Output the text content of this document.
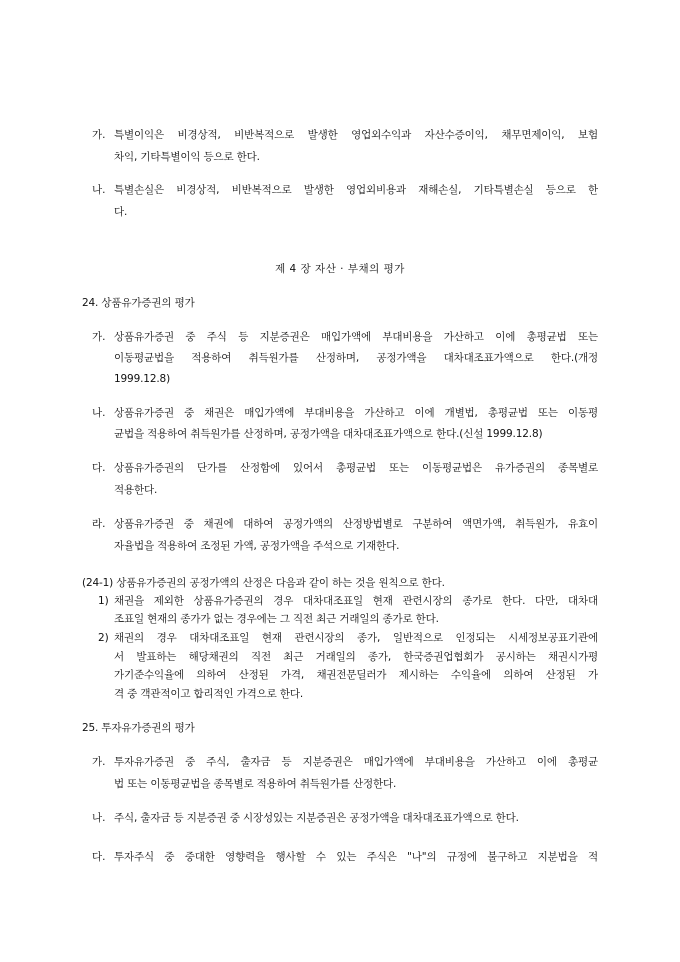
가. 특별이익은 비경상적, 비반복적으로 발생한 영업외수익과 자산수증이익, 채무면제이익, 보험
차익, 기타특별이익 등으로 한다.
나. 특별손실은 비경상적, 비반복적으로 발생한 영업외비용과 재해손실, 기타특별손실 등으로 한
다.
제 4 장 자산 · 부채의 평가
24. 상품유가증권의 평가
가. 상품유가증권 중 주식 등 지분증권은 매입가액에 부대비용을 가산하고 이에 총평균법 또는
이동평균법을 적용하여 취득원가를 산정하며, 공정가액을 대차대조표가액으로 한다.(개정
1999.12.8)
나. 상품유가증권 중 채권은 매입가액에 부대비용을 가산하고 이에 개별법, 총평균법 또는 이동평
균법을 적용하여 취득원가를 산정하며, 공정가액을 대차대조표가액으로 한다.(신설 1999.12.8)
다. 상품유가증권의 단가를 산정함에 있어서 총평균법 또는 이동평균법은 유가증권의 종목별로
적용한다.
라. 상품유가증권 중 채권에 대하여 공정가액의 산정방법별로 구분하여 액면가액, 취득원가, 유효이
자율법을 적용하여 조정된 가액, 공정가액을 주석으로 기재한다.
(24-1) 상품유가증권의 공정가액의 산정은 다음과 같이 하는 것을 원칙으로 한다.
1) 채권을 제외한 상품유가증권의 경우 대차대조표일 현재 관련시장의 종가로 한다. 다만, 대차대
조표일 현재의 종가가 없는 경우에는 그 직전 최근 거래일의 종가로 한다.
2) 채권의 경우 대차대조표일 현재 관련시장의 종가, 일반적으로 인정되는 시세정보공표기관에
서 발표하는 해당채권의 직전 최근 거래일의 종가, 한국증권업협회가 공시하는 채권시가평
가기준수익율에 의하여 산정된 가격, 채권전문딜러가 제시하는 수익율에 의하여 산정된 가
격 중 객관적이고 합리적인 가격으로 한다.
25. 투자유가증권의 평가
가. 투자유가증권 중 주식, 출자금 등 지분증권은 매입가액에 부대비용을 가산하고 이에 총평균
법 또는 이동평균법을 종목별로 적용하여 취득원가를 산정한다.
나. 주식, 출자금 등 지분증권 중 시장성있는 지분증권은 공정가액을 대차대조표가액으로 한다.
다. 투자주식 중 중대한 영향력을 행사할 수 있는 주식은 "나"의 규정에 불구하고 지분법을 적
